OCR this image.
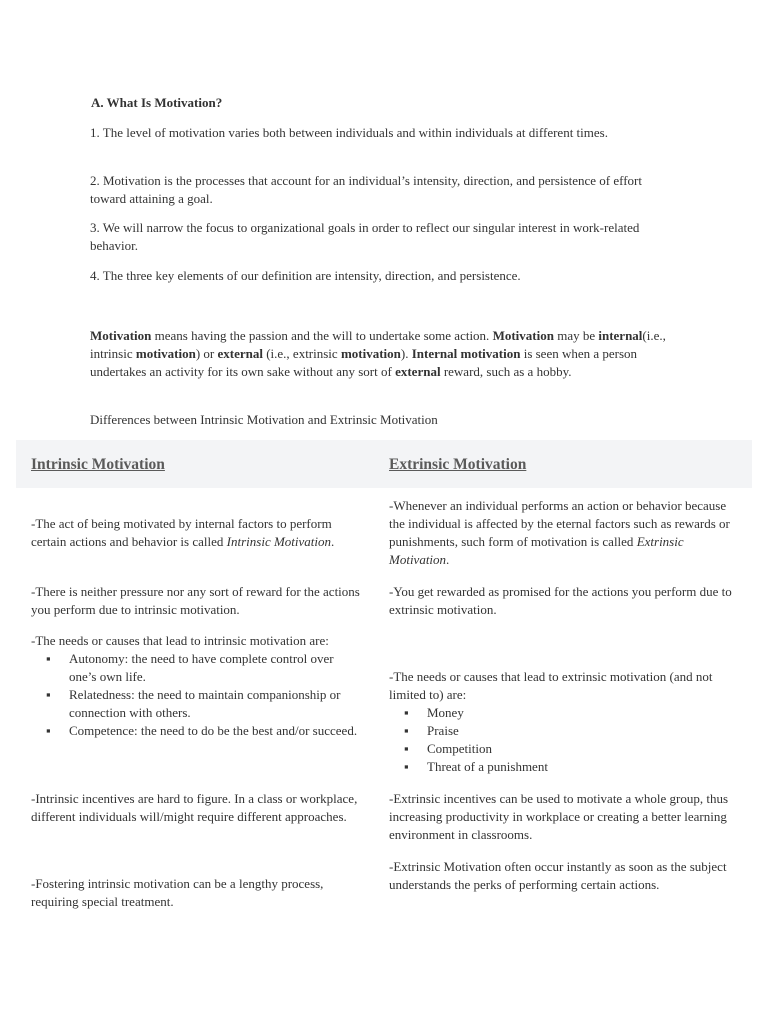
A. What Is Motivation?

1. The level of motivation varies both between individuals and within individuals at different times.

2. Motivation is the processes that account for an individual’s intensity, direction, and persistence of effort toward attaining a goal.

3. We will narrow the focus to organizational goals in order to reflect our singular interest in work-related behavior.

4. The three key elements of our definition are intensity, direction, and persistence.

Motivation means having the passion and the will to undertake some action. Motivation may be internal(i.e., intrinsic motivation) or external (i.e., extrinsic motivation). Internal motivation is seen when a person undertakes an activity for its own sake without any sort of external reward, such as a hobby.

Differences between Intrinsic Motivation and Extrinsic Motivation

Intrinsic Motivation	Extrinsic Motivation

-The act of being motivated by internal factors to perform certain actions and behavior is called Intrinsic Motivation.

-There is neither pressure nor any sort of reward for the actions you perform due to intrinsic motivation.

-The needs or causes that lead to intrinsic motivation are:
▪ Autonomy: the need to have complete control over one’s own life.
▪ Relatedness: the need to maintain companionship or connection with others.
▪ Competence: the need to do be the best and/or succeed.

-Intrinsic incentives are hard to figure. In a class or workplace, different individuals will/might require different approaches.

-Fostering intrinsic motivation can be a lengthy process, requiring special treatment.

-Whenever an individual performs an action or behavior because the individual is affected by the eternal factors such as rewards or punishments, such form of motivation is called Extrinsic Motivation.

-You get rewarded as promised for the actions you perform due to extrinsic motivation.

-The needs or causes that lead to extrinsic motivation (and not limited to) are:
▪ Money
▪ Praise
▪ Competition
▪ Threat of a punishment

-Extrinsic incentives can be used to motivate a whole group, thus increasing productivity in workplace or creating a better learning environment in classrooms.

-Extrinsic Motivation often occur instantly as soon as the subject understands the perks of performing certain actions.
